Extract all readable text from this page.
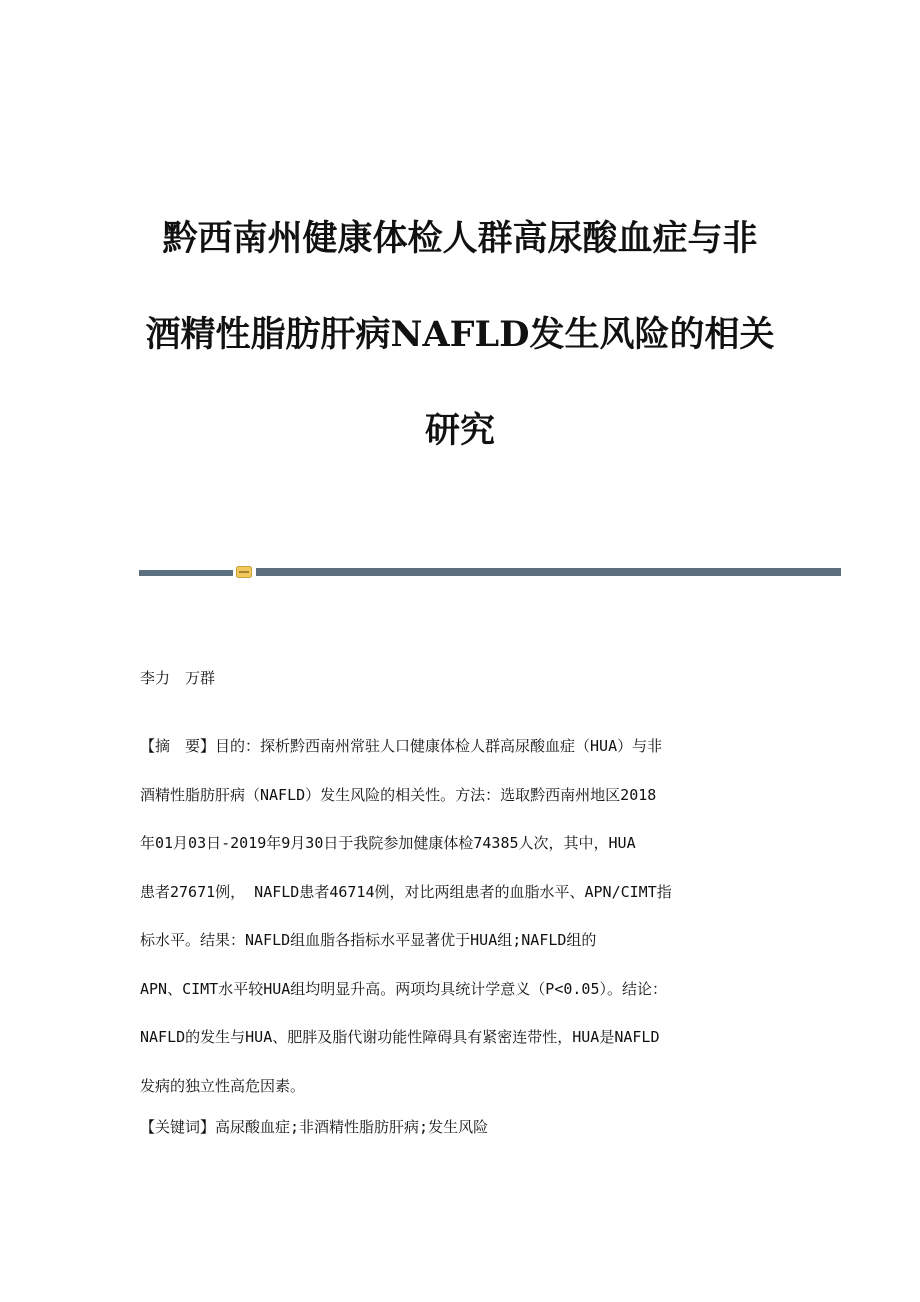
黔西南州健康体检人群高尿酸血症与非
酒精性脂肪肝病NAFLD发生风险的相关
研究
李力　万群
【摘　要】目的：探析黔西南州常驻人口健康体检人群高尿酸血症（HUA）与非
酒精性脂肪肝病（NAFLD）发生风险的相关性。方法：选取黔西南州地区2018
年01月03日-2019年9月30日于我院参加健康体检74385人次，其中，HUA
患者27671例， NAFLD患者46714例，对比两组患者的血脂水平、APN/CIMT指
标水平。结果：NAFLD组血脂各指标水平显著优于HUA组;NAFLD组的
APN、CIMT水平较HUA组均明显升高。两项均具统计学意义（P<0.05）。结论：
NAFLD的发生与HUA、肥胖及脂代谢功能性障碍具有紧密连带性，HUA是NAFLD
发病的独立性高危因素。
【关键词】高尿酸血症;非酒精性脂肪肝病;发生风险
